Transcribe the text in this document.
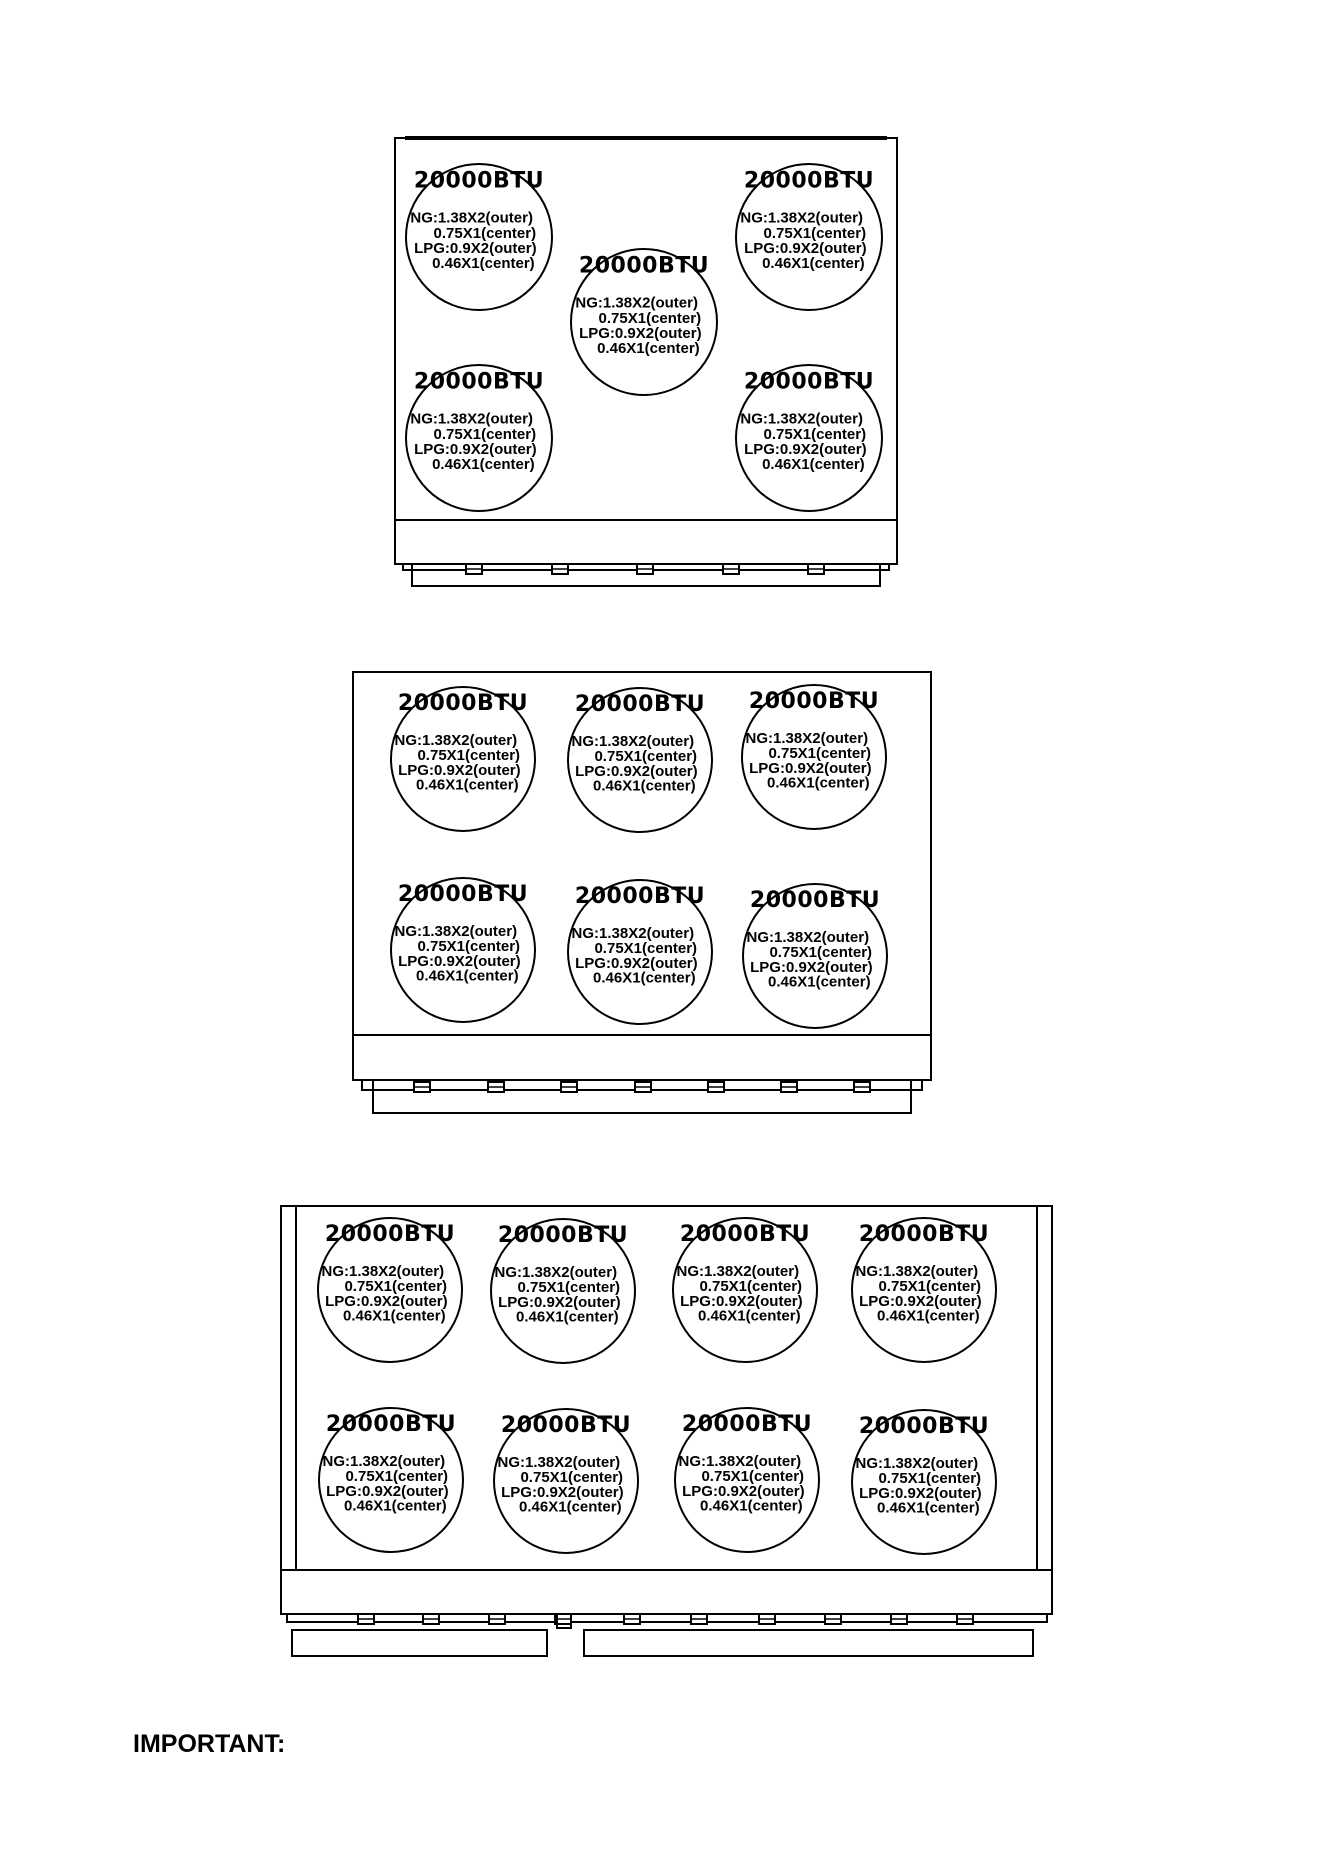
20000BTU
NG:1.38X2(outer)
0.75X1(center)
LPG:0.9X2(outer)
0.46X1(center)
20000BTU
NG:1.38X2(outer)
0.75X1(center)
LPG:0.9X2(outer)
0.46X1(center)
20000BTU
NG:1.38X2(outer)
0.75X1(center)
LPG:0.9X2(outer)
0.46X1(center)
20000BTU
NG:1.38X2(outer)
0.75X1(center)
LPG:0.9X2(outer)
0.46X1(center)
20000BTU
NG:1.38X2(outer)
0.75X1(center)
LPG:0.9X2(outer)
0.46X1(center)
20000BTU
NG:1.38X2(outer)
0.75X1(center)
LPG:0.9X2(outer)
0.46X1(center)
20000BTU
NG:1.38X2(outer)
0.75X1(center)
LPG:0.9X2(outer)
0.46X1(center)
20000BTU
NG:1.38X2(outer)
0.75X1(center)
LPG:0.9X2(outer)
0.46X1(center)
20000BTU
NG:1.38X2(outer)
0.75X1(center)
LPG:0.9X2(outer)
0.46X1(center)
20000BTU
NG:1.38X2(outer)
0.75X1(center)
LPG:0.9X2(outer)
0.46X1(center)
20000BTU
NG:1.38X2(outer)
0.75X1(center)
LPG:0.9X2(outer)
0.46X1(center)
20000BTU
NG:1.38X2(outer)
0.75X1(center)
LPG:0.9X2(outer)
0.46X1(center)
20000BTU
NG:1.38X2(outer)
0.75X1(center)
LPG:0.9X2(outer)
0.46X1(center)
20000BTU
NG:1.38X2(outer)
0.75X1(center)
LPG:0.9X2(outer)
0.46X1(center)
20000BTU
NG:1.38X2(outer)
0.75X1(center)
LPG:0.9X2(outer)
0.46X1(center)
20000BTU
NG:1.38X2(outer)
0.75X1(center)
LPG:0.9X2(outer)
0.46X1(center)
20000BTU
NG:1.38X2(outer)
0.75X1(center)
LPG:0.9X2(outer)
0.46X1(center)
20000BTU
NG:1.38X2(outer)
0.75X1(center)
LPG:0.9X2(outer)
0.46X1(center)
20000BTU
NG:1.38X2(outer)
0.75X1(center)
LPG:0.9X2(outer)
0.46X1(center)
IMPORTANT:
